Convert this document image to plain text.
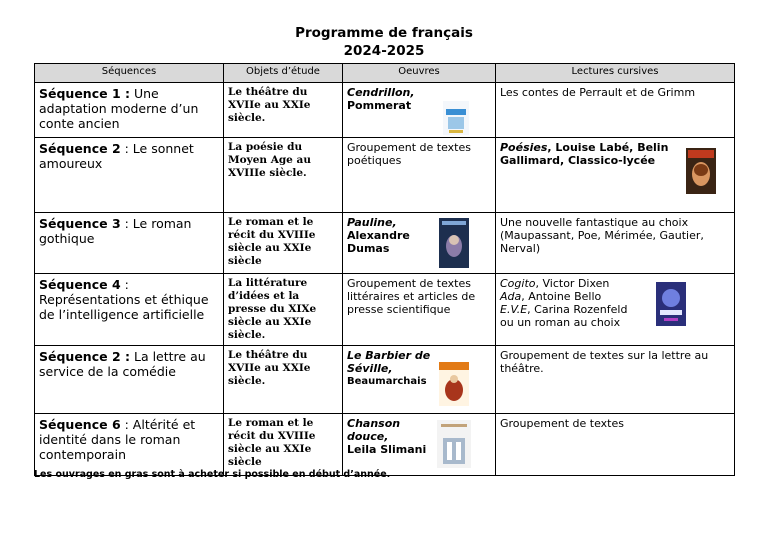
Programme de français
2024-2025
Séquences	Objets d’étude	Oeuvres	Lectures cursives
Séquence 1 : Une adaptation moderne d’un conte ancien	Le théâtre du XVIIe au XXIe siècle.	Cendrillon,
Pommerat	Les contes de Perrault et de Grimm
Séquence 2 : Le sonnet amoureux	La poésie du Moyen Age au XVIIIe siècle.	Groupement de textes poétiques	Poésies, Louise Labé, Belin Gallimard, Classico-lycée

Séquence 3 : Le roman gothique	Le roman et le récit du XVIIIe siècle au XXIe siècle	Pauline,
Alexandre Dumas	Une nouvelle fantastique au choix (Maupassant, Poe, Mérimée, Gautier, Nerval)
Séquence 4 : Représentations et éthique de l’intelligence artificielle	La littérature d’idées et la presse du XIXe siècle au XXIe siècle.	Groupement de textes littéraires et articles de presse scientifique	Cogito, Victor Dixen
Ada, Antoine Bello
E.V.E, Carina Rozenfeld
ou un roman au choix

Séquence 2 : La lettre au service de la comédie	Le théâtre du XVIIe au XXIe siècle.	Le Barbier de Séville,
Beaumarchais	Groupement de textes sur la lettre au théâtre.
Séquence 6 : Altérité et identité dans le roman contemporain	Le roman et le récit du XVIIIe siècle au XXIe siècle	Chanson douce,
Leila Slimani	Groupement de textes
Les ouvrages en gras sont à acheter si possible en début d’année.
